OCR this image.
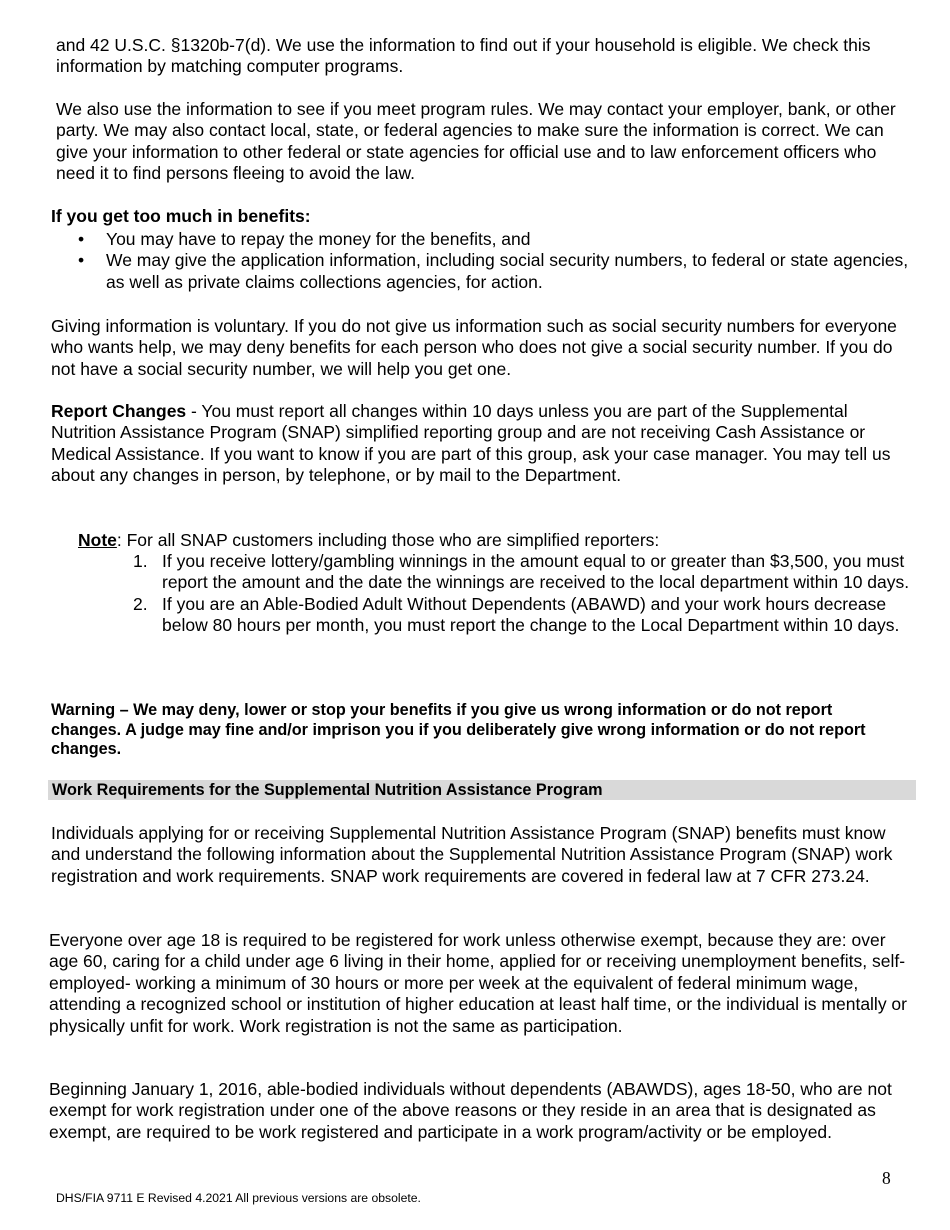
and 42 U.S.C. §1320b-7(d). We use the information to find out if your household is eligible. We check this information by matching computer programs.

We also use the information to see if you meet program rules. We may contact your employer, bank, or other party. We may also contact local, state, or federal agencies to make sure the information is correct. We can give your information to other federal or state agencies for official use and to law enforcement officers who need it to find persons fleeing to avoid the law.

If you get too much in benefits:
•	You may have to repay the money for the benefits, and
•	We may give the application information, including social security numbers, to federal or state agencies, as well as private claims collections agencies, for action.

Giving information is voluntary. If you do not give us information such as social security numbers for everyone who wants help, we may deny benefits for each person who does not give a social security number. If you do not have a social security number, we will help you get one.

Report Changes - You must report all changes within 10 days unless you are part of the Supplemental Nutrition Assistance Program (SNAP) simplified reporting group and are not receiving Cash Assistance or Medical Assistance. If you want to know if you are part of this group, ask your case manager. You may tell us about any changes in person, by telephone, or by mail to the Department.

Note: For all SNAP customers including those who are simplified reporters:
1. If you receive lottery/gambling winnings in the amount equal to or greater than $3,500, you must report the amount and the date the winnings are received to the local department within 10 days.
2. If you are an Able-Bodied Adult Without Dependents (ABAWD) and your work hours decrease below 80 hours per month, you must report the change to the Local Department within 10 days.

Warning – We may deny, lower or stop your benefits if you give us wrong information or do not report changes. A judge may fine and/or imprison you if you deliberately give wrong information or do not report changes.

Work Requirements for the Supplemental Nutrition Assistance Program

Individuals applying for or receiving Supplemental Nutrition Assistance Program (SNAP) benefits must know and understand the following information about the Supplemental Nutrition Assistance Program (SNAP) work registration and work requirements. SNAP work requirements are covered in federal law at 7 CFR 273.24.

Everyone over age 18 is required to be registered for work unless otherwise exempt, because they are: over age 60, caring for a child under age 6 living in their home, applied for or receiving unemployment benefits, self-employed- working a minimum of 30 hours or more per week at the equivalent of federal minimum wage, attending a recognized school or institution of higher education at least half time, or the individual is mentally or physically unfit for work. Work registration is not the same as participation.

Beginning January 1, 2016, able-bodied individuals without dependents (ABAWDS), ages 18-50, who are not exempt for work registration under one of the above reasons or they reside in an area that is designated as exempt, are required to be work registered and participate in a work program/activity or be employed.

8
DHS/FIA 9711 E Revised 4.2021 All previous versions are obsolete.
